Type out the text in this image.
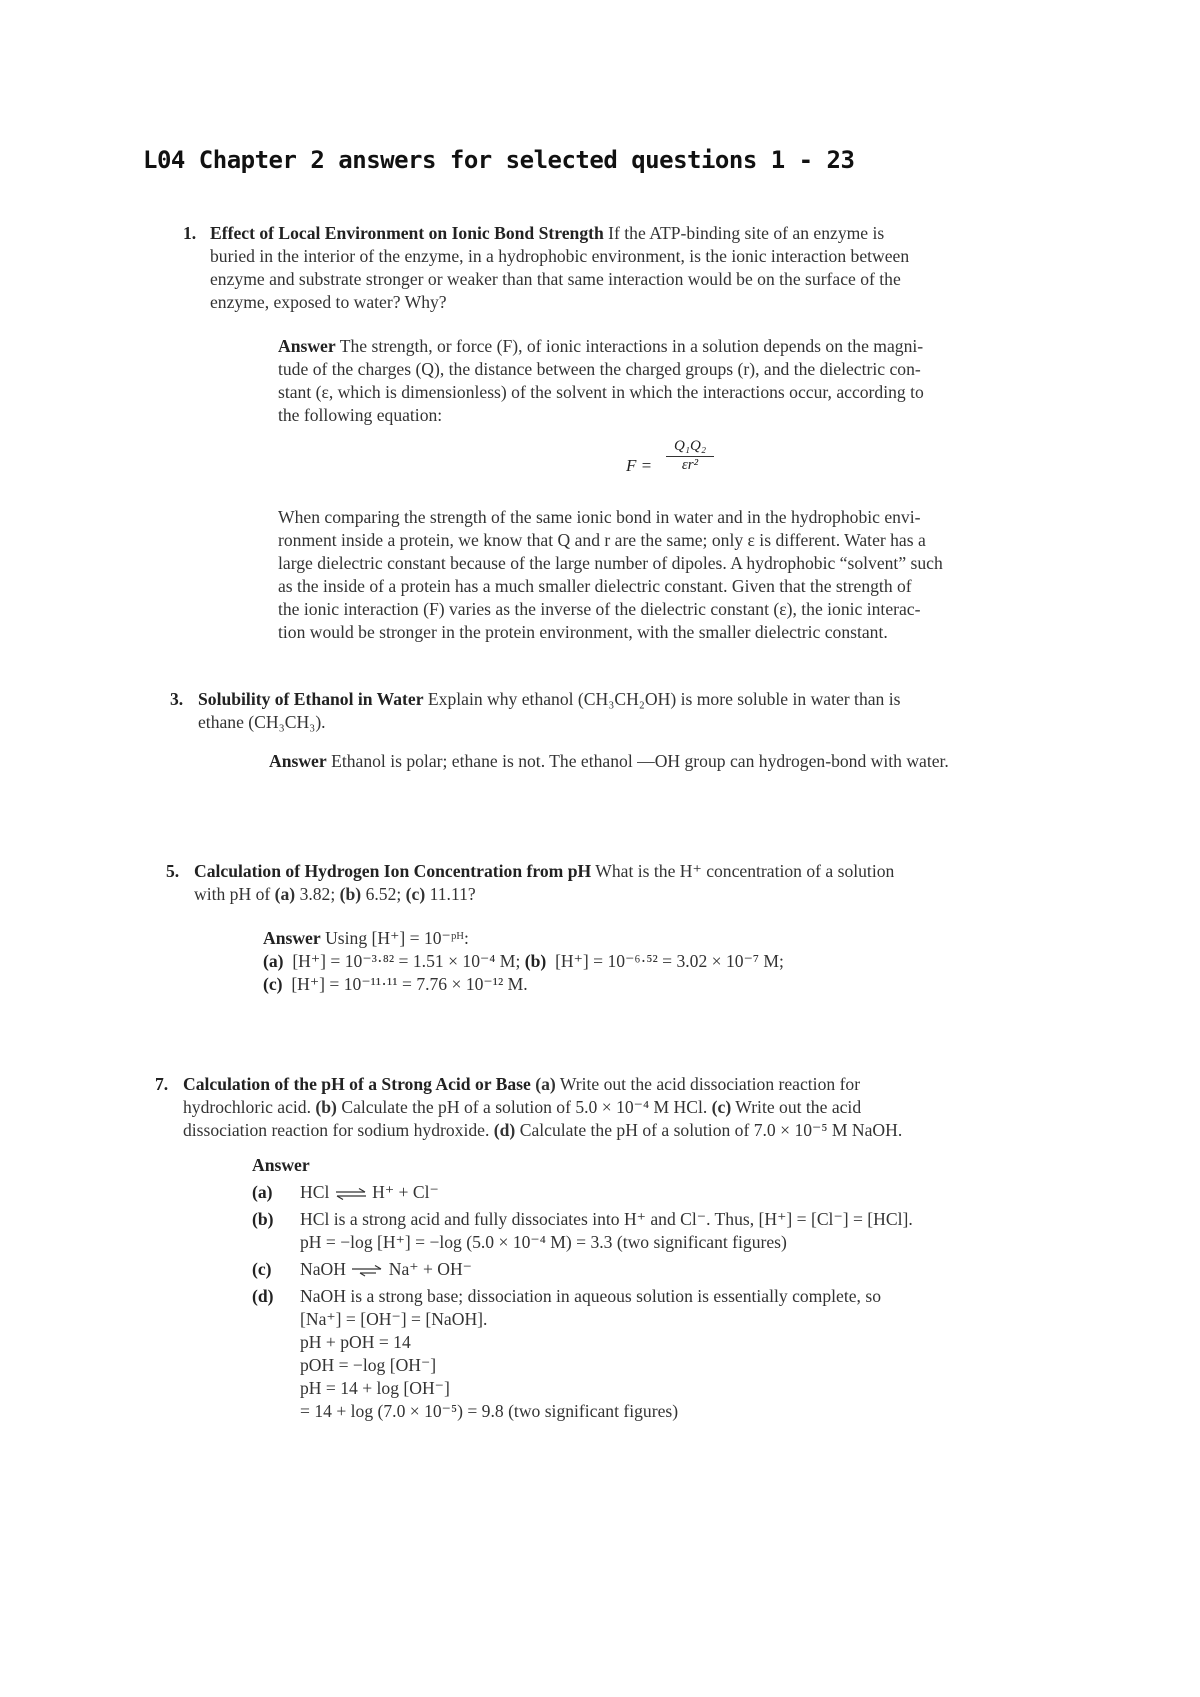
L04 Chapter 2 answers for selected questions 1 - 23
1. Effect of Local Environment on Ionic Bond Strength If the ATP-binding site of an enzyme is
buried in the interior of the enzyme, in a hydrophobic environment, is the ionic interaction between
enzyme and substrate stronger or weaker than that same interaction would be on the surface of the
enzyme, exposed to water? Why?
Answer The strength, or force (F), of ionic interactions in a solution depends on the magni-
tude of the charges (Q), the distance between the charged groups (r), and the dielectric con-
stant (ε, which is dimensionless) of the solvent in which the interactions occur, according to
the following equation:
$F = \frac{\text{Q₁Q₂}}{\text{εr²}}$
When comparing the strength of the same ionic bond in water and in the hydrophobic envi-
ronment inside a protein, we know that Q and r are the same; only ε is different. Water has a
large dielectric constant because of the large number of dipoles. A hydrophobic “solvent” such
as the inside of a protein has a much smaller dielectric constant. Given that the strength of
the ionic interaction (F) varies as the inverse of the dielectric constant (ε), the ionic interac-
tion would be stronger in the protein environment, with the smaller dielectric constant.
3. Solubility of Ethanol in Water Explain why ethanol (CH₃CH₂OH) is more soluble in water than is
ethane (CH₃CH₃).
Answer Ethanol is polar; ethane is not. The ethanol —OH group can hydrogen-bond with water.
5. Calculation of Hydrogen Ion Concentration from pH What is the H⁺ concentration of a solution
with pH of (a) 3.82; (b) 6.52; (c) 11.11?
Answer Using [H⁺] = 10⁻ᵖᴴ:
(a) [H⁺] = 10⁻³·⁸² = 1.51 × 10⁻⁴ M; (b) [H⁺] = 10⁻⁶·⁵² = 3.02 × 10⁻⁷ M;
(c) [H⁺] = 10⁻¹¹·¹¹ = 7.76 × 10⁻¹² M.
7. Calculation of the pH of a Strong Acid or Base (a) Write out the acid dissociation reaction for
hydrochloric acid. (b) Calculate the pH of a solution of 5.0 × 10⁻⁴ M HCl. (c) Write out the acid
dissociation reaction for sodium hydroxide. (d) Calculate the pH of a solution of 7.0 × 10⁻⁵ M NaOH.
Answer
(a) HCl ⇌ H⁺ + Cl⁻
(b) HCl is a strong acid and fully dissociates into H⁺ and Cl⁻. Thus, [H⁺] = [Cl⁻] = [HCl].
pH = −log [H⁺] = −log (5.0 × 10⁻⁴ M) = 3.3 (two significant figures)
(c) NaOH ⇌ Na⁺ + OH⁻
(d) NaOH is a strong base; dissociation in aqueous solution is essentially complete, so
[Na⁺] = [OH⁻] = [NaOH].
pH + pOH = 14
pOH = −log [OH⁻]
pH = 14 + log [OH⁻]
= 14 + log (7.0 × 10⁻⁵) = 9.8 (two significant figures)
